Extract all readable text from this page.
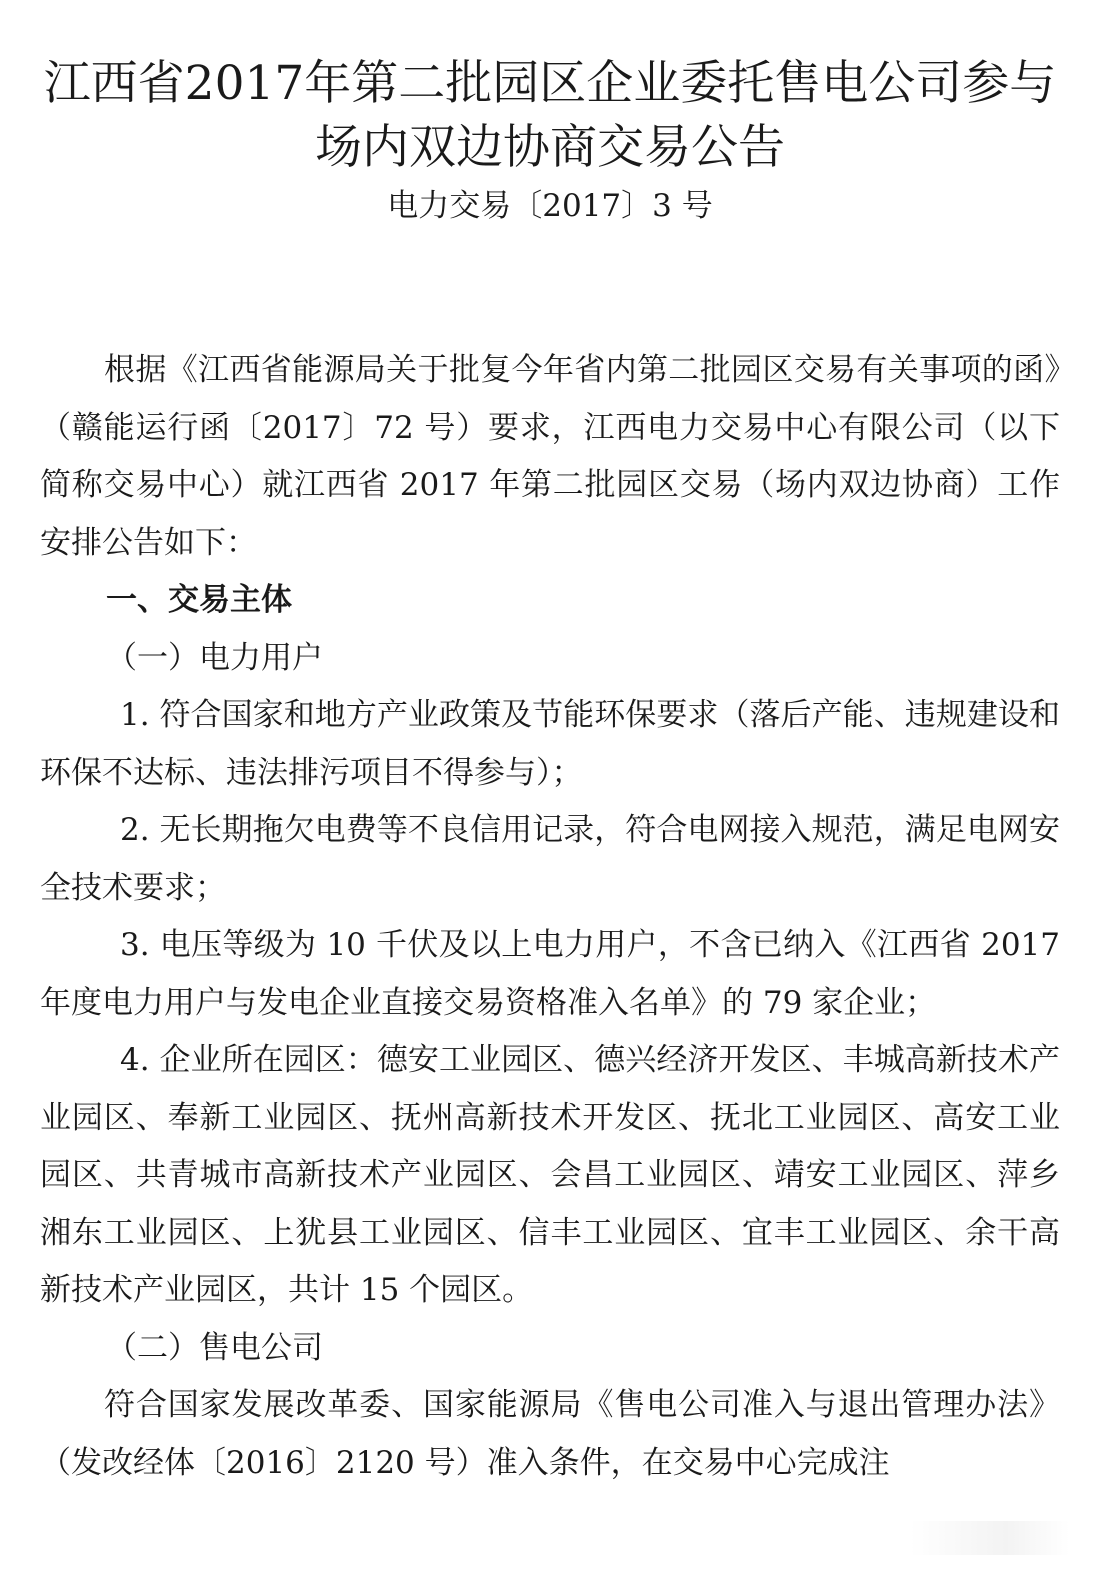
江西省2017年第二批园区企业委托售电公司参与
场内双边协商交易公告
电力交易〔2017〕3 号

根据《江西省能源局关于批复今年省内第二批园区交易有关事项的函》（赣能运行函〔2017〕72 号）要求，江西电力交易中心有限公司（以下简称交易中心）就江西省 2017 年第二批园区交易（场内双边协商）工作安排公告如下：

一、交易主体

（一）电力用户

1. 符合国家和地方产业政策及节能环保要求（落后产能、违规建设和环保不达标、违法排污项目不得参与）；

2. 无长期拖欠电费等不良信用记录，符合电网接入规范，满足电网安全技术要求；

3. 电压等级为 10 千伏及以上电力用户，不含已纳入《江西省 2017 年度电力用户与发电企业直接交易资格准入名单》的 79 家企业；

4. 企业所在园区：德安工业园区、德兴经济开发区、丰城高新技术产业园区、奉新工业园区、抚州高新技术开发区、抚北工业园区、高安工业园区、共青城市高新技术产业园区、会昌工业园区、靖安工业园区、萍乡湘东工业园区、上犹县工业园区、信丰工业园区、宜丰工业园区、余干高新技术产业园区，共计 15 个园区。

（二）售电公司

符合国家发展改革委、国家能源局《售电公司准入与退出管理办法》（发改经体〔2016〕2120 号）准入条件，在交易中心完成注
